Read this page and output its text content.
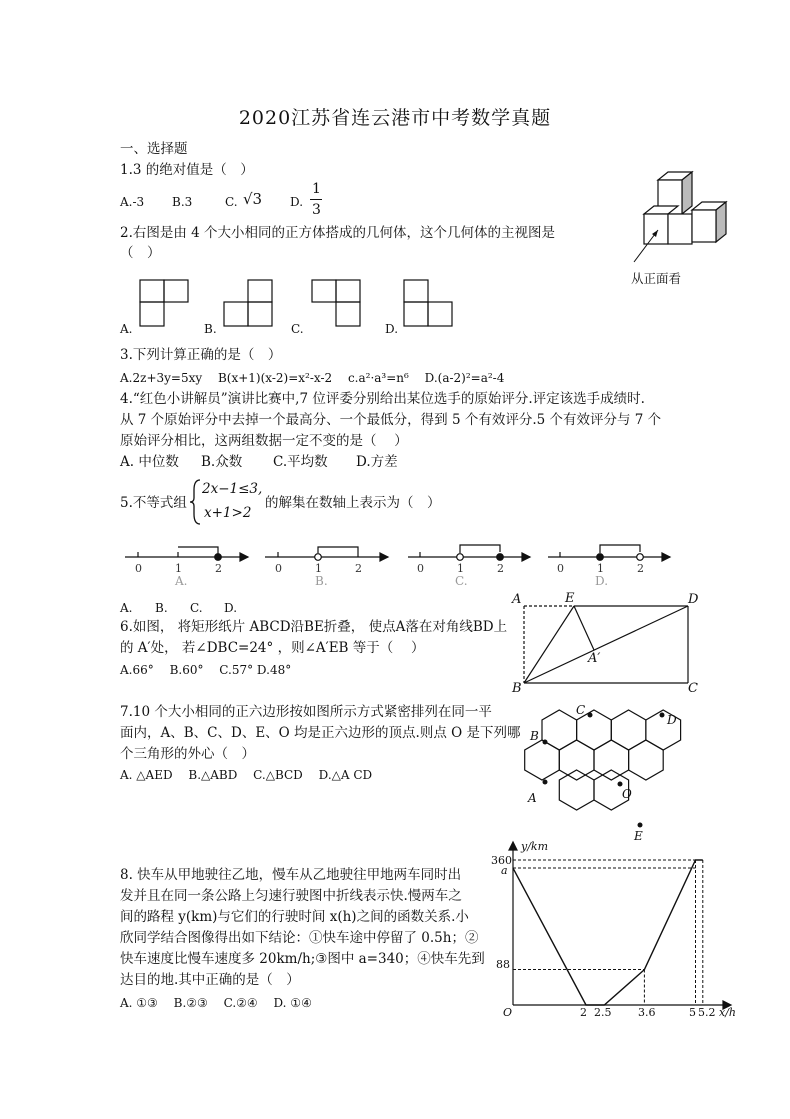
2020江苏省连云港市中考数学真题
一、选择题
1.3 的绝对值是（　）
A.-3 B.3	C. √3 D.
1
3
2.右图是由 4 个大小相同的正方体搭成的几何体，这个几何体的主视图是
（　）
从正面看
A.	B.	C.	D.
3.下列计算正确的是（　）
A.2z+3y=5xy　 B(x+1)(x-2)=x²-x-2　 c.a²·a³=n⁶　 D.(a-2)²=a²-4
4.“红色小讲解员”演讲比赛中,7 位评委分别给出某位选手的原始评分.评定该选手成绩时.
从 7 个原始评分中去掉一个最高分、一个最低分，得到 5 个有效评分.5 个有效评分与 7 个
原始评分相比，这两组数据一定不变的是（　 ）
A. 中位数 B.众数 C.平均数 D.方差
5.不等式组
2x−1≤3,
x+1>2
的解集在数轴上表示为（　）
0	1	2	0	1	2	0	1	2	0	1	2
A.	B.	C.	D.
A. B. C. D.
6.如图， 将矩形纸片 ABCD沿BE折叠， 使点A落在对角线BD上
的 A′处， 若∠DBC=24° ，则∠A′EB 等于（　 ）
A.66°　 B.60°　 C.57° D.48°
A	E	D
A′
B	C
7.10 个大小相同的正六边形按如图所示方式紧密排列在同一平
面内，A、B、C、D、E、O 均是正六边形的顶点.则点 O 是下列哪
个三角形的外心（　）
A. △AED　 B.△ABD　 C.△BCD　 D.△A CD
A
B
C
D
E
O
8. 快车从甲地驶往乙地，慢车从乙地驶往甲地两车同时出
发并且在同一条公路上匀速行驶图中折线表示快.慢两车之
间的路程 y(km)与它们的行驶时间 x(h)之间的函数关系.小
欣同学结合图像得出如下结论：①快车途中停留了 0.5h；②
快车速度比慢车速度多 20km/h;③图中 a=340；④快车先到
达目的地.其中正确的是（　）
A. ①③　 B.②③　 C.②④　 D. ①④
y/km
x/h
O
360
a
88
2 2.5 3.6	5 5.2
